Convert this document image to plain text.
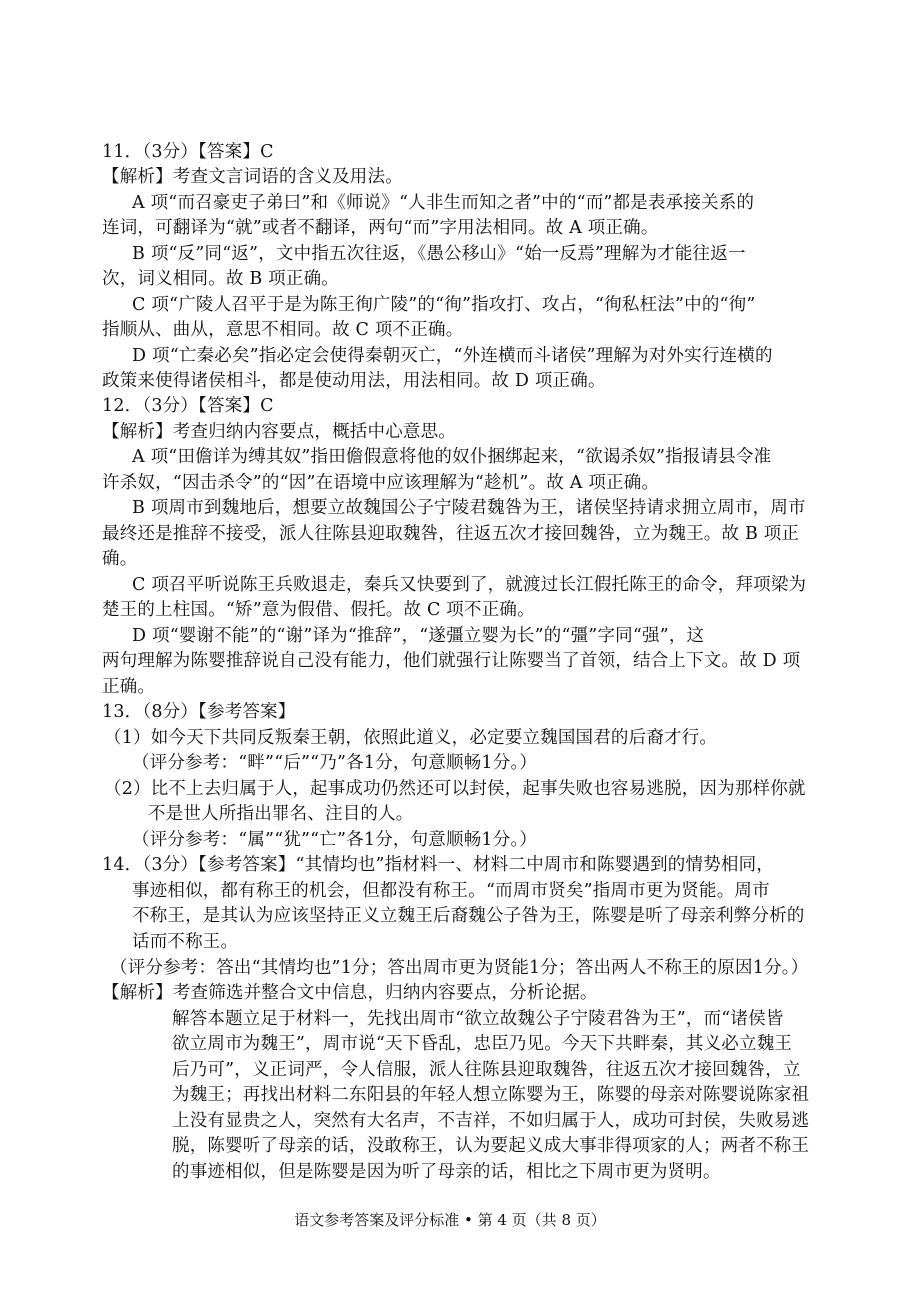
11．（3分）【答案】C
【解析】考查文言词语的含义及用法。
A 项“而召豪吏子弟曰”和《师说》“人非生而知之者”中的“而”都是表承接关系的
连词，可翻译为“就”或者不翻译，两句“而”字用法相同。故 A 项正确。
B 项“反”同“返”，文中指五次往返，《愚公移山》“始一反焉”理解为才能往返一
次，词义相同。故 B 项正确。
C 项“广陵人召平于是为陈王徇广陵”的“徇”指攻打、攻占，“徇私枉法”中的“徇”
指顺从、曲从，意思不相同。故 C 项不正确。
D 项“亡秦必矣”指必定会使得秦朝灭亡，“外连横而斗诸侯”理解为对外实行连横的
政策来使得诸侯相斗，都是使动用法，用法相同。故 D 项正确。
12．（3分）【答案】C
【解析】考查归纳内容要点，概括中心意思。
A 项“田儋详为缚其奴”指田儋假意将他的奴仆捆绑起来，“欲谒杀奴”指报请县令准
许杀奴，“因击杀令”的“因”在语境中应该理解为“趁机”。故 A 项正确。
B 项周市到魏地后，想要立故魏国公子宁陵君魏咎为王，诸侯坚持请求拥立周市，周市
最终还是推辞不接受，派人往陈县迎取魏咎，往返五次才接回魏咎，立为魏王。故 B 项正
确。
C 项召平听说陈王兵败退走，秦兵又快要到了，就渡过长江假托陈王的命令，拜项梁为
楚王的上柱国。“矫”意为假借、假托。故 C 项不正确。
D 项“婴谢不能”的“谢”译为“推辞”，“遂彊立婴为长”的“彊”字同“强”，这
两句理解为陈婴推辞说自己没有能力，他们就强行让陈婴当了首领，结合上下文。故 D 项
正确。
13．（8分）【参考答案】
（1）如今天下共同反叛秦王朝，依照此道义，必定要立魏国国君的后裔才行。
（评分参考：“畔”“后”“乃”各1分，句意顺畅1分。）
（2）比不上去归属于人，起事成功仍然还可以封侯，起事失败也容易逃脱，因为那样你就
不是世人所指出罪名、注目的人。
（评分参考：“属”“犹”“亡”各1分，句意顺畅1分。）
14．（3分）【参考答案】“其情均也”指材料一、材料二中周市和陈婴遇到的情势相同，
事迹相似，都有称王的机会，但都没有称王。“而周市贤矣”指周市更为贤能。周市
不称王，是其认为应该坚持正义立魏王后裔魏公子咎为王，陈婴是听了母亲利弊分析的
话而不称王。
（评分参考：答出“其情均也”1分；答出周市更为贤能1分；答出两人不称王的原因1分。）
【解析】考查筛选并整合文中信息，归纳内容要点，分析论据。
解答本题立足于材料一，先找出周市“欲立故魏公子宁陵君咎为王”，而“诸侯皆
欲立周市为魏王”，周市说“天下昏乱，忠臣乃见。今天下共畔秦，其义必立魏王
后乃可”，义正词严，令人信服，派人往陈县迎取魏咎，往返五次才接回魏咎，立
为魏王；再找出材料二东阳县的年轻人想立陈婴为王，陈婴的母亲对陈婴说陈家祖
上没有显贵之人，突然有大名声，不吉祥，不如归属于人，成功可封侯，失败易逃
脱，陈婴听了母亲的话，没敢称王，认为要起义成大事非得项家的人；两者不称王
的事迹相似，但是陈婴是因为听了母亲的话，相比之下周市更为贤明。
语文参考答案及评分标准 • 第 4 页（共 8 页）
